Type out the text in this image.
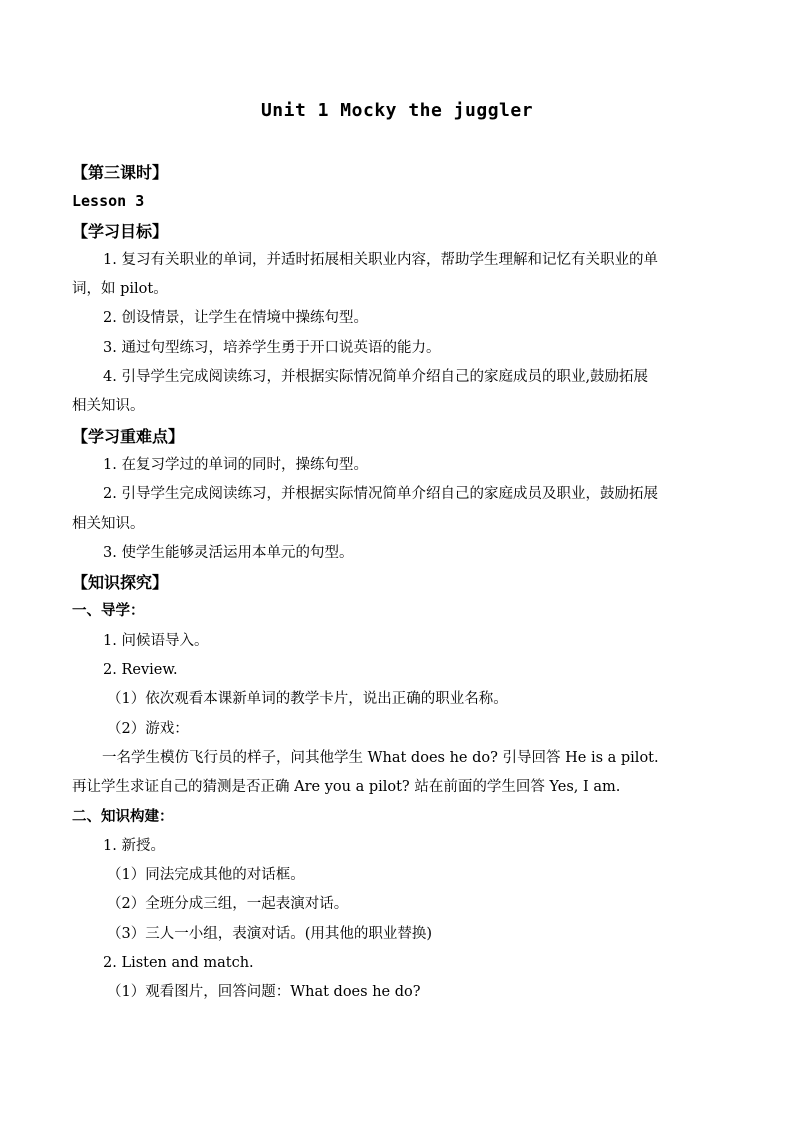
Unit 1 Mocky the juggler
【第三课时】
Lesson 3
【学习目标】
1. 复习有关职业的单词，并适时拓展相关职业内容，帮助学生理解和记忆有关职业的单
词，如 pilot。
2. 创设情景，让学生在情境中操练句型。
3. 通过句型练习，培养学生勇于开口说英语的能力。
4. 引导学生完成阅读练习，并根据实际情况简单介绍自己的家庭成员的职业,鼓励拓展
相关知识。
【学习重难点】
1. 在复习学过的单词的同时，操练句型。
2. 引导学生完成阅读练习，并根据实际情况简单介绍自己的家庭成员及职业，鼓励拓展
相关知识。
3. 使学生能够灵活运用本单元的句型。
【知识探究】
一、导学：
1. 问候语导入。
2. Review.
（1）依次观看本课新单词的教学卡片，说出正确的职业名称。
（2）游戏：
一名学生模仿飞行员的样子，问其他学生 What does he do? 引导回答 He is a pilot.
再让学生求证自己的猜测是否正确 Are you a pilot? 站在前面的学生回答 Yes, I am.
二、知识构建：
1. 新授。
（1）同法完成其他的对话框。
（2）全班分成三组，一起表演对话。
（3）三人一小组，表演对话。(用其他的职业替换)
2. Listen and match.
（1）观看图片，回答问题：What does he do?
